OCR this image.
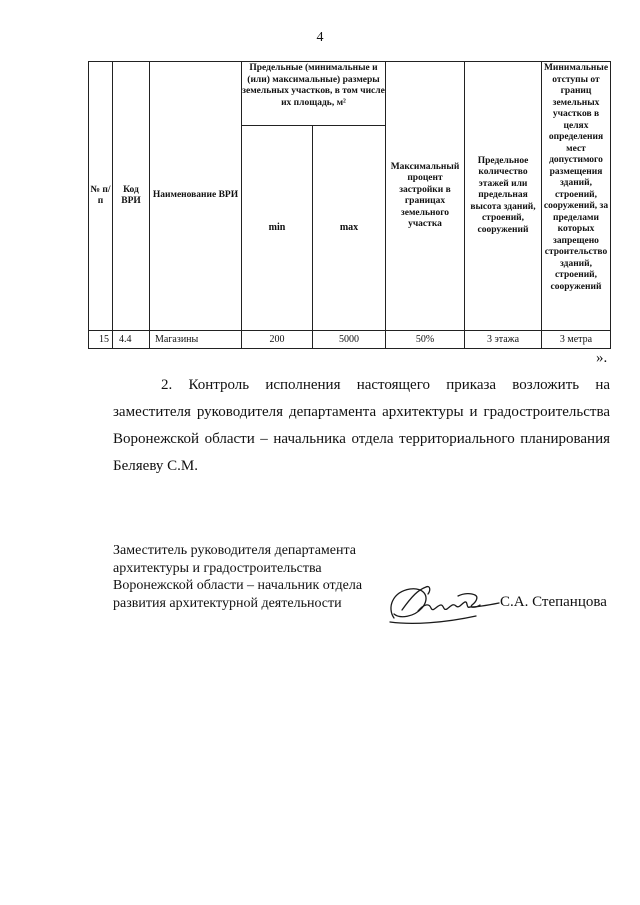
4
№ п/п	Код ВРИ	Наименование ВРИ	Предельные (минимальные и (или) максимальные) размеры земельных участков, в том числе их площадь, м²		Максимальный процент застройки в границах земельного участка	Предельное количество этажей или предельная высота зданий, строений, сооружений	Минимальные отступы от границ земельных участков в целях определения мест допустимого размещения зданий, строений, сооружений, за пределами которых запрещено строительство зданий, строений, сооружений
			min	max			
15	4.4	Магазины	200	5000	50%	3 этажа	3 метра
».
2. Контроль исполнения настоящего приказа возложить на заместителя руководителя департамента архитектуры и градостроительства Воронежской области – начальника отдела территориального планирования Беляеву С.М.
Заместитель руководителя департамента
архитектуры и градостроительства
Воронежской области – начальник отдела
развития архитектурной деятельности	С.А. Степанцова
